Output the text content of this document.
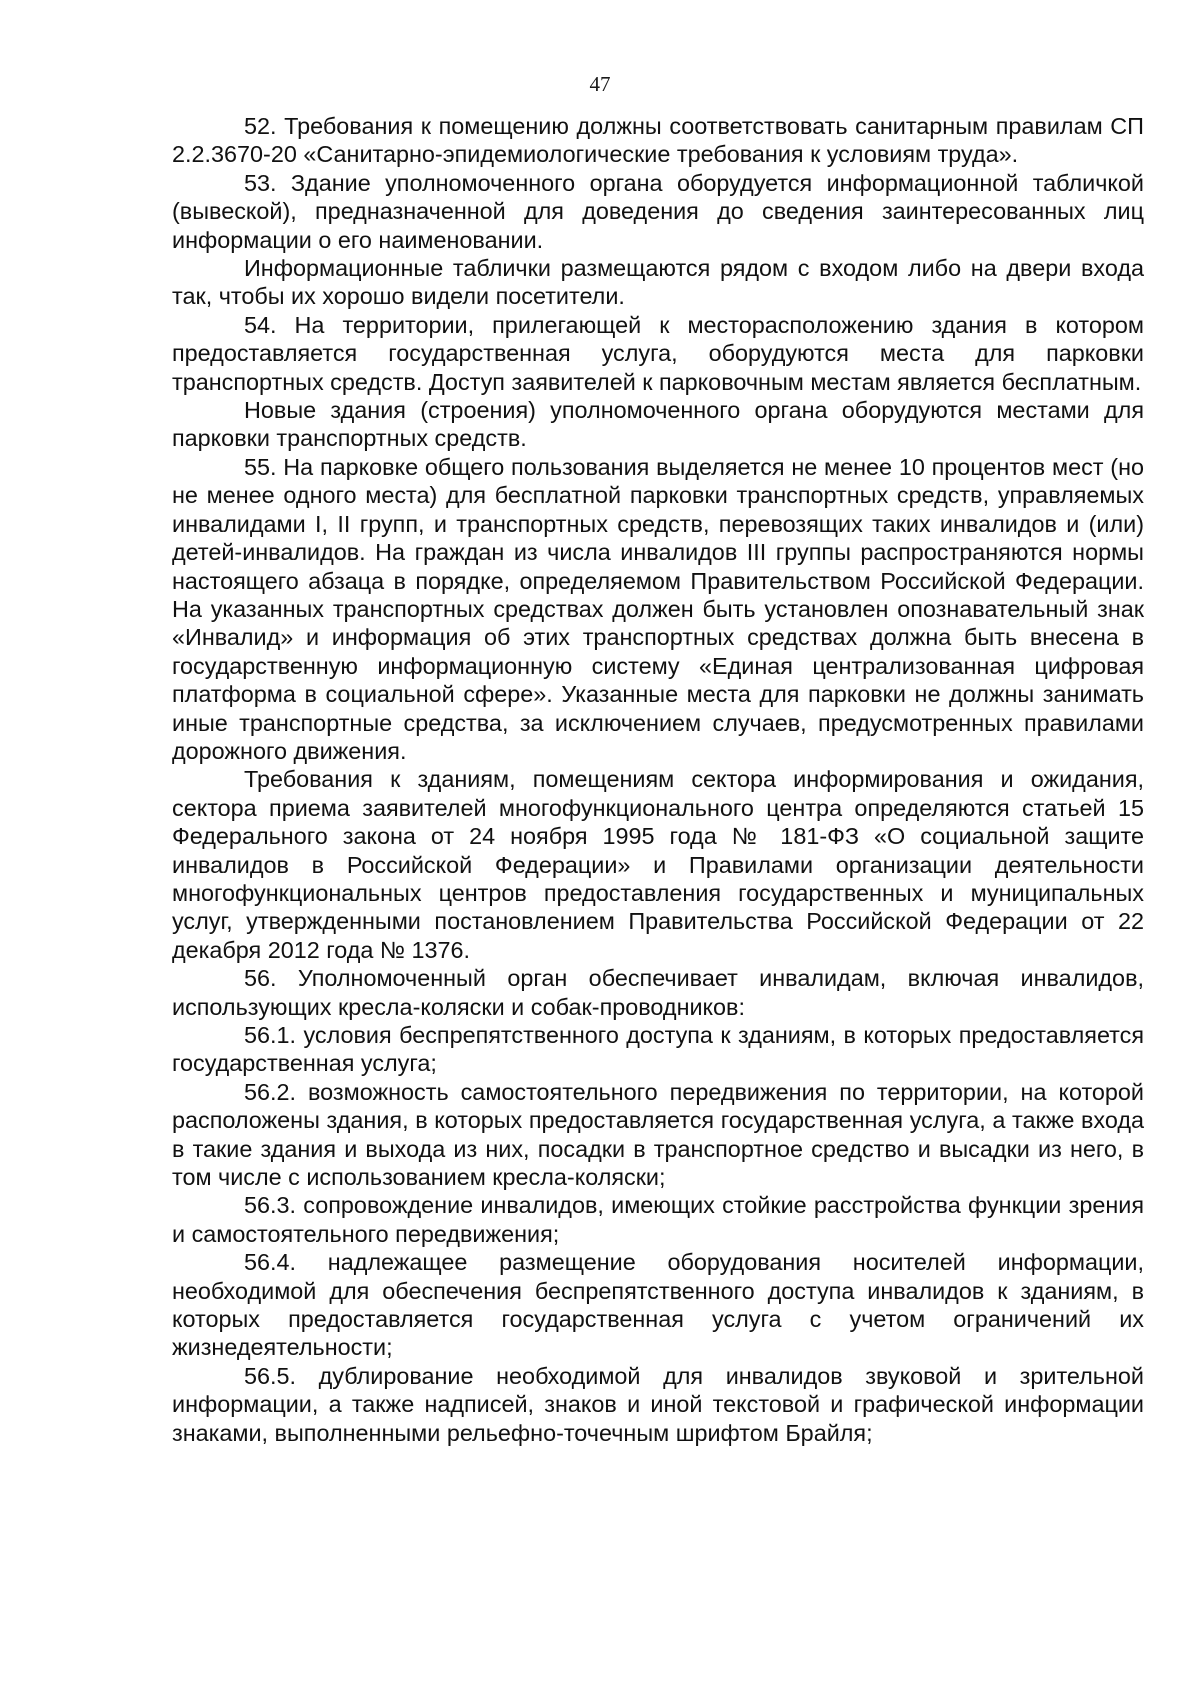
47

52. Требования к помещению должны соответствовать санитарным правилам СП 2.2.3670-20 «Санитарно-эпидемиологические требования к условиям труда».

53. Здание уполномоченного органа оборудуется информационной табличкой (вывеской), предназначенной для доведения до сведения заинтересованных лиц информации о его наименовании.

Информационные таблички размещаются рядом с входом либо на двери входа так, чтобы их хорошо видели посетители.

54. На территории, прилегающей к месторасположению здания в котором предоставляется государственная услуга, оборудуются места для парковки транспортных средств. Доступ заявителей к парковочным местам является бесплатным.

Новые здания (строения) уполномоченного органа оборудуются местами для парковки транспортных средств.

55. На парковке общего пользования выделяется не менее 10 процентов мест (но не менее одного места) для бесплатной парковки транспортных средств, управляемых инвалидами I, II групп, и транспортных средств, перевозящих таких инвалидов и (или) детей-инвалидов. На граждан из числа инвалидов III группы распространяются нормы настоящего абзаца в порядке, определяемом Правительством Российской Федерации. На указанных транспортных средствах должен быть установлен опознавательный знак «Инвалид» и информация об этих транспортных средствах должна быть внесена в государственную информационную систему «Единая централизованная цифровая платформа в социальной сфере». Указанные места для парковки не должны занимать иные транспортные средства, за исключением случаев, предусмотренных правилами дорожного движения.

Требования к зданиям, помещениям сектора информирования и ожидания, сектора приема заявителей многофункционального центра определяются статьей 15 Федерального закона от 24 ноября 1995 года № 181-ФЗ «О социальной защите инвалидов в Российской Федерации» и Правилами организации деятельности многофункциональных центров предоставления государственных и муниципальных услуг, утвержденными постановлением Правительства Российской Федерации от 22 декабря 2012 года № 1376.

56. Уполномоченный орган обеспечивает инвалидам, включая инвалидов, использующих кресла-коляски и собак-проводников:

56.1. условия беспрепятственного доступа к зданиям, в которых предоставляется государственная услуга;

56.2. возможность самостоятельного передвижения по территории, на которой расположены здания, в которых предоставляется государственная услуга, а также входа в такие здания и выхода из них, посадки в транспортное средство и высадки из него, в том числе с использованием кресла-коляски;

56.3. сопровождение инвалидов, имеющих стойкие расстройства функции зрения и самостоятельного передвижения;

56.4. надлежащее размещение оборудования носителей информации, необходимой для обеспечения беспрепятственного доступа инвалидов к зданиям, в которых предоставляется государственная услуга с учетом ограничений их жизнедеятельности;

56.5. дублирование необходимой для инвалидов звуковой и зрительной информации, а также надписей, знаков и иной текстовой и графической информации знаками, выполненными рельефно-точечным шрифтом Брайля;
